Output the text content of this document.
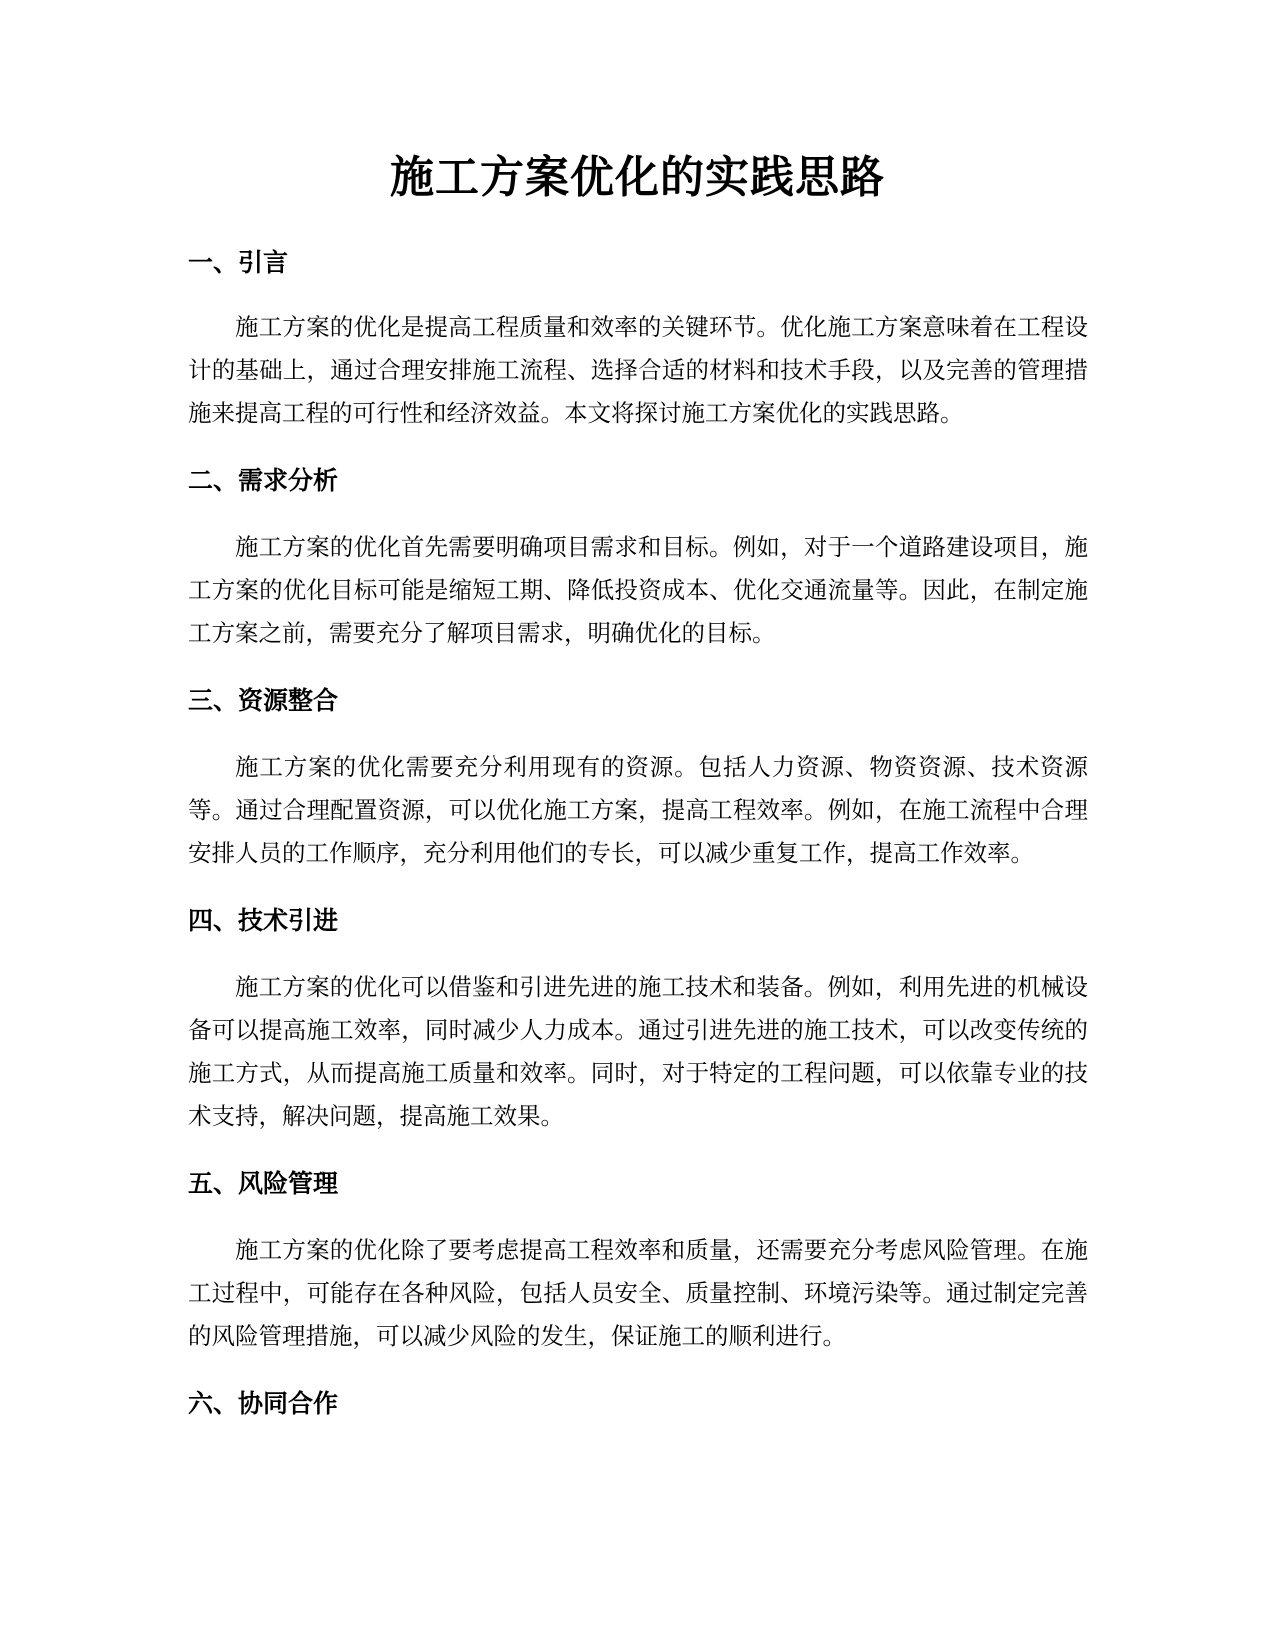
施工方案优化的实践思路
一、引言

施工方案的优化是提高工程质量和效率的关键环节。优化施工方案意味着在工程设计的基础上，通过合理安排施工流程、选择合适的材料和技术手段，以及完善的管理措施来提高工程的可行性和经济效益。本文将探讨施工方案优化的实践思路。

二、需求分析

施工方案的优化首先需要明确项目需求和目标。例如，对于一个道路建设项目，施工方案的优化目标可能是缩短工期、降低投资成本、优化交通流量等。因此，在制定施工方案之前，需要充分了解项目需求，明确优化的目标。

三、资源整合

施工方案的优化需要充分利用现有的资源。包括人力资源、物资资源、技术资源等。通过合理配置资源，可以优化施工方案，提高工程效率。例如，在施工流程中合理安排人员的工作顺序，充分利用他们的专长，可以减少重复工作，提高工作效率。

四、技术引进

施工方案的优化可以借鉴和引进先进的施工技术和装备。例如，利用先进的机械设备可以提高施工效率，同时减少人力成本。通过引进先进的施工技术，可以改变传统的施工方式，从而提高施工质量和效率。同时，对于特定的工程问题，可以依靠专业的技术支持，解决问题，提高施工效果。

五、风险管理

施工方案的优化除了要考虑提高工程效率和质量，还需要充分考虑风险管理。在施工过程中，可能存在各种风险，包括人员安全、质量控制、环境污染等。通过制定完善的风险管理措施，可以减少风险的发生，保证施工的顺利进行。

六、协同合作
